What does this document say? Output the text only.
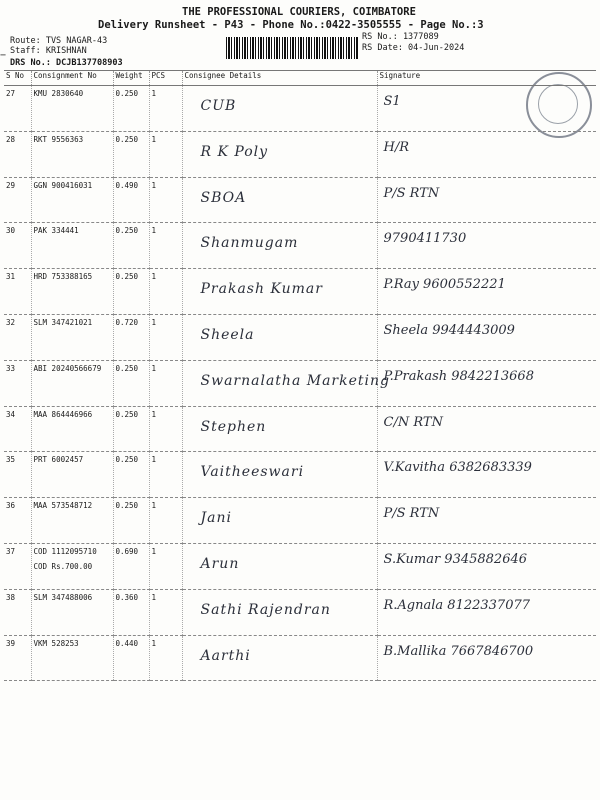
THE PROFESSIONAL COURIERS, COIMBATORE
Delivery Runsheet - P43 - Phone No.:0422-3505555 - Page No.:3
Route: TVS NAGAR-43
Staff: KRISHNAN
DRS No.: DCJB137708903
RS No.: 1377089
RS Date: 04-Jun-2024
−
S No	Consignment No	Weight	PCS	Consignee Details	Signature
27	KMU 2830640	0.250	1	CUB	S1

28	RKT 9556363	0.250	1	R K Poly	H/R

29	GGN 900416031	0.490	1	SBOA	P/S RTN

30	PAK 334441	0.250	1	Shanmugam	9790411730

31	HRD 753388165	0.250	1	Prakash Kumar	P.Ray 9600552221

32	SLM 347421021	0.720	1	Sheela	Sheela 9944443009

33	ABI 20240566679	0.250	1	Swarnalatha Marketing	P.Prakash 9842213668

34	MAA 864446966	0.250	1	Stephen	C/N RTN

35	PRT 6002457	0.250	1	Vaitheeswari	V.Kavitha 6382683339

36	MAA 573548712	0.250	1	Jani	P/S RTN

37	COD 1112095710
COD Rs.700.00	0.690	1	Arun	S.Kumar 9345882646

38	SLM 347488006	0.360	1	Sathi Rajendran	R.Agnala 8122337077

39	VKM 528253	0.440	1	Aarthi	B.Mallika 7667846700
